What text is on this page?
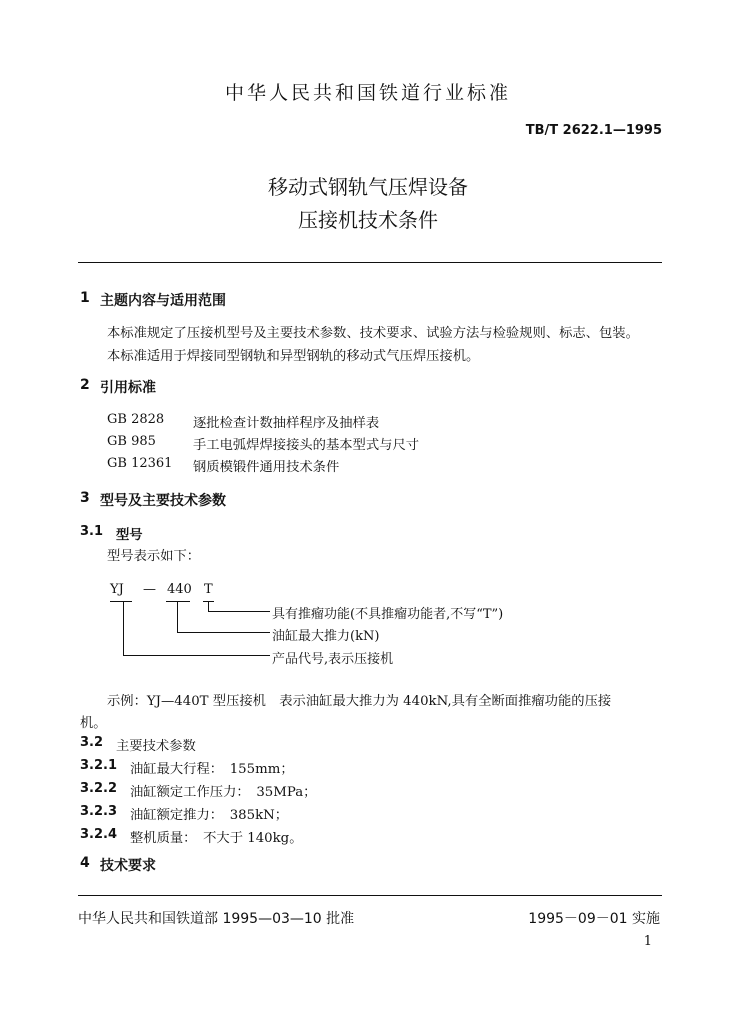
中华人民共和国铁道行业标准
TB/T 2622.1—1995
移动式钢轨气压焊设备
压接机技术条件
1 主题内容与适用范围
本标准规定了压接机型号及主要技术参数、技术要求、试验方法与检验规则、标志、包装。
本标准适用于焊接同型钢轨和异型钢轨的移动式气压焊压接机。
2 引用标准
GB 2828 逐批检查计数抽样程序及抽样表
GB 985	手工电弧焊焊接接头的基本型式与尺寸
GB 12361 钢质模锻件通用技术条件
3 型号及主要技术参数
3.1 型号
型号表示如下：
YJ — 440 T
具有推瘤功能(不具推瘤功能者,不写“T”)
油缸最大推力(kN)
产品代号,表示压接机
示例：YJ—440T 型压接机　表示油缸最大推力为 440kN,具有全断面推瘤功能的压接
机。
3.2 主要技术参数
3.2.1 油缸最大行程：　155mm；
3.2.2 油缸额定工作压力：　35MPa；
3.2.3 油缸额定推力：　385kN；
3.2.4 整机质量：　不大于 140kg。
4 技术要求
中华人民共和国铁道部 1995—03—10 批准	1995－09－01 实施
1
